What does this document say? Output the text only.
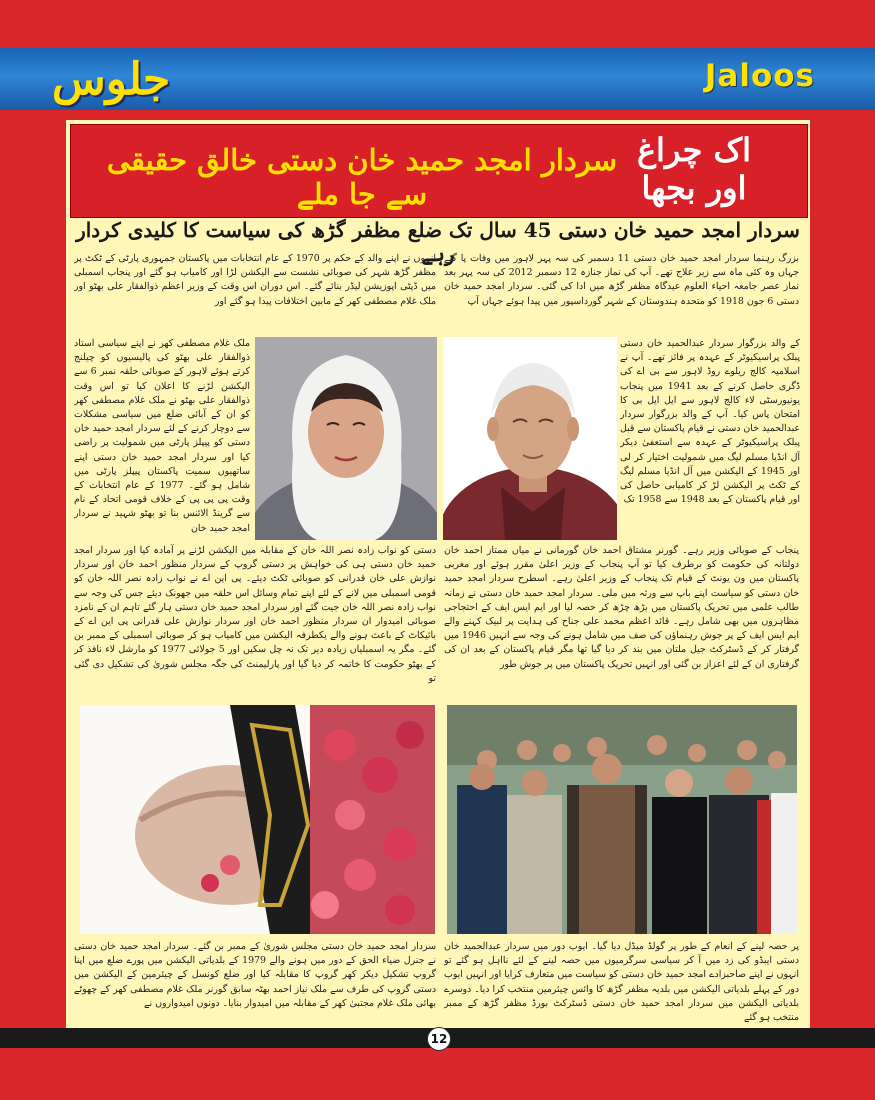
جلوس	Jaloos
سردار امجد حمید خان دستی خالق حقیقی سے جا ملے
اک چراغ اور بجھا
سردار امجد حمید خان دستی 45 سال تک ضلع مظفر گڑھ کی سیاست کا کلیدی کردار رہے
بزرگ رہنما سردار امجد حمید خان دستی 11 دسمبر کی سہ پہر لاہور میں وفات پا گئے جہاں وہ کئی ماہ سے زیر علاج تھے۔ آپ کی نماز جنازہ 12 دسمبر 2012 کی سہ پہر بعد نماز عصر جامعہ احیاء العلوم عیدگاہ مظفر گڑھ میں ادا کی گئی۔ سردار امجد حمید خان دستی 6 جون 1918 کو متحدہ ہندوستان کے شہر گورداسپور میں پیدا ہوئے جہاں آپ
انہوں نے اپنے والد کے حکم پر 1970 کے عام انتخابات میں پاکستان جمہوری پارٹی کے ٹکٹ پر مظفر گڑھ شہر کی صوبائی نشست سے الیکشن لڑا اور کامیاب ہو گئے اور پنجاب اسمبلی میں ڈپٹی اپوزیشن لیڈر بنائے گئے۔ اس دوران اس وقت کے وزیر اعظم ذوالفقار علی بھٹو اور ملک غلام مصطفی کھر کے مابین اختلافات پیدا ہو گئے اور
کے والد بزرگوار سردار عبدالحمید خان دستی پبلک پراسیکیوٹر کے عہدہ پر فائز تھے۔ آپ نے اسلامیہ کالج ریلوے روڈ لاہور سے بی اے کی ڈگری حاصل کرنے کے بعد 1941 میں پنجاب یونیورسٹی لاء کالج لاہور سے ایل ایل بی کا امتحان پاس کیا۔ آپ کے والد بزرگوار سردار عبدالحمید خان دستی نے قیام پاکستان سے قبل پبلک پراسیکیوٹر کے عہدہ سے استعفیٰ دیکر آل انڈیا مسلم لیگ میں شمولیت اختیار کر لی اور 1945 کے الیکشن میں آل انڈیا مسلم لیگ کے ٹکٹ پر الیکشن لڑ کر کامیابی حاصل کی اور قیام پاکستان کے بعد 1948 سے 1958 تک
ملک غلام مصطفی کھر نے اپنے سیاسی استاد ذوالفقار علی بھٹو کی پالیسیوں کو چیلنج کرتے ہوئے لاہور کے صوبائی حلقہ نمبر 6 سے الیکشن لڑنے کا اعلان کیا تو اس وقت ذوالفقار علی بھٹو نے ملک غلام مصطفی کھر کو ان کے آبائی ضلع میں سیاسی مشکلات سے دوچار کرنے کے لئے سردار امجد حمید خان دستی کو پیپلز پارٹی میں شمولیت پر راضی کیا اور سردار امجد حمید خان دستی اپنے ساتھیوں سمیت پاکستان پیپلز پارٹی میں شامل ہو گئے۔ 1977 کے عام انتخابات کے وقت پی پی پی کے خلاف قومی اتحاد کے نام سے گرینڈ الائنس بنا تو بھٹو شہید نے سردار امجد حمید خان
پنجاب کے صوبائی وزیر رہے۔ گورنر مشتاق احمد خان گورمانی نے میاں ممتاز احمد خان دولتانہ کی حکومت کو برطرف کیا تو آپ پنجاب کے وزیر اعلیٰ مقرر ہوئے اور مغربی پاکستان میں ون یونٹ کے قیام تک پنجاب کے وزیر اعلیٰ رہے۔ اسطرح سردار امجد حمید خان دستی کو سیاست اپنے باپ سے ورثہ میں ملی۔ سردار امجد حمید خان دستی نے زمانہ طالب علمی میں تحریک پاکستان میں بڑھ چڑھ کر حصہ لیا اور ایم ایس ایف کے احتجاجی مظاہروں میں بھی شامل رہے۔ قائد اعظم محمد علی جناح کی ہدایت پر لبیک کہنے والے ایم ایس ایف کے پر جوش رہنماؤں کی صف میں شامل ہونے کی وجہ سے انہیں 1946 میں گرفتار کر کے ڈسٹرکٹ جیل ملتان میں بند کر دیا گیا تھا مگر قیام پاکستان کے بعد ان کی گرفتاری ان کے لئے اعزاز بن گئی اور انہیں تحریک پاکستان میں پر جوش طور
دستی کو نواب زادہ نصر اللہ خان کے مقابلہ میں الیکشن لڑنے پر آمادہ کیا اور سردار امجد حمید خان دستی ہی کی خواہش پر دستی گروپ کے سردار منظور احمد خان اور سردار نوازش علی خان قدرانی کو صوبائی ٹکٹ دیئے۔ پی این اے نے نواب زادہ نصر اللہ خان کو قومی اسمبلی میں لانے کے لئے اپنے تمام وسائل اس حلقہ میں جھونک دیئے جس کی وجہ سے نواب زادہ نصر اللہ خان جیت گئے اور سردار امجد حمید خان دستی ہار گئے تاہم ان کے نامزد صوبائی امیدوار ان سردار منظور احمد خان اور سردار نوازش علی قدرانی پی این اے کے بائیکاٹ کے باعث ہونے والے یکطرفہ الیکشن میں کامیاب ہو کر صوبائی اسمبلی کے ممبر بن گئے۔ مگر یہ اسمبلیاں زیادہ دیر تک نہ چل سکیں اور 5 جولائی 1977 کو مارشل لاء نافذ کر کے بھٹو حکومت کا خاتمہ کر دیا گیا اور پارلیمنٹ کی جگہ مجلس شوریٰ کی تشکیل دی گئی تو
پر حصہ لینے کے انعام کے طور پر گولڈ میڈل دیا گیا۔ ایوب دور میں سردار عبدالحمید خان دستی ایبڈو کی زد میں آ کر سیاسی سرگرمیوں میں حصہ لینے کے لئے نااہل ہو گئے تو انہوں نے اپنے صاحبزادے امجد حمید خان دستی کو سیاست میں متعارف کرایا اور انہیں ایوب دور کے پہلے بلدیاتی الیکشن میں بلدیہ مظفر گڑھ کا وائس چیئرمین منتخب کرا دیا۔ دوسرے بلدیاتی الیکشن میں سردار امجد حمید خان دستی ڈسٹرکٹ بورڈ مظفر گڑھ کے ممبر منتخب ہو گئے
سردار امجد حمید خان دستی مجلس شوریٰ کے ممبر بن گئے۔ سردار امجد حمید خان دستی نے جنرل ضیاء الحق کے دور میں ہونے والے 1979 کے بلدیاتی الیکشن میں پورے ضلع میں اپنا گروپ تشکیل دیکر کھر گروپ کا مقابلہ کیا اور ضلع کونسل کے چیئرمین کے الیکشن میں دستی گروپ کی طرف سے ملک نیاز احمد بھٹہ سابق گورنر ملک غلام مصطفی کھر کے چھوٹے بھائی ملک غلام مجتبیٰ کھر کے مقابلہ میں امیدوار بنایا۔ دونوں امیدواروں نے
12
